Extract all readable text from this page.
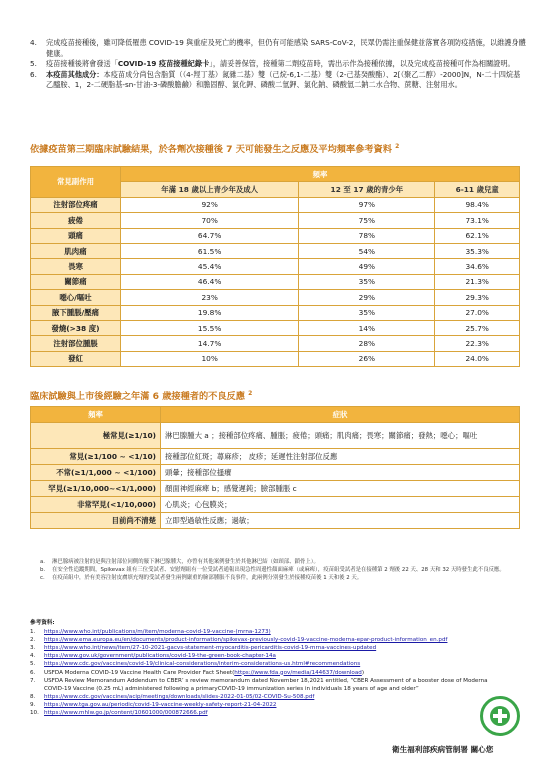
4.	完成疫苗接種後，雖可降低罹患 COVID-19 與重症及死亡的機率，但仍有可能感染 SARS-CoV-2，民眾仍需注重保健並落實各項防疫措施，以維護身體健康。
5.	疫苗接種後將會發送「COVID-19 疫苗接種紀錄卡」，請妥善保管，接種第二劑疫苗時，需出示作為接種依據，以及完成疫苗接種可作為相關證明。
6.	本疫苗其他成分：本疫苗成分尚包含脂質（（4-羥丁基）氮雜二基）雙（己烷-6,1-二基）雙（2-己基癸酸酯）、2[（聚乙二醇）-2000]N，N-二十四烷基乙醯胺、1，2-二硬脂基-sn-甘油-3-磷酸膽鹼）和膽固醇、氯化鉀、磷酸二氫鉀、氯化鈉、磷酸氫二鈉二水合物、蔗糖、注射用水。
依據疫苗第三期臨床試驗結果，於各劑次接種後 7 天可能發生之反應及平均頻率參考資料 $^2$
常見副作用	頻率		
	年滿 18 歲以上青少年及成人	12 至 17 歲的青少年	6-11 歲兒童
注射部位疼痛	92%	97%	98.4%
疲倦	70%	75%	73.1%
頭痛	64.7%	78%	62.1%
肌肉痛	61.5%	54%	35.3%
畏寒	45.4%	49%	34.6%
關節痛	46.4%	35%	21.3%
噁心/嘔吐	23%	29%	29.3%
腋下腫脹/壓痛	19.8%	35%	27.0%
發燒(>38 度)	15.5%	14%	25.7%
注射部位腫脹	14.7%	28%	22.3%
發紅	10%	26%	24.0%
臨床試驗與上市後經驗之年滿 6 歲接種者的不良反應 $^2$
頻率	症狀
極常見(≥1/10)	淋巴腺腫大 a ；接種部位疼痛、腫脹；疲倦；頭痛；肌肉痛；畏寒；關節痛；發熱；噁心；嘔吐
常見(≥1/100 ~ <1/10)	接種部位紅斑；蕁麻疹； 皮疹；延遲性注射部位反應
不常(≥1/1,000 ~ <1/100)	頭暈；接種部位搔癢
罕見(≥1/10,000~<1/1,000)	顏面神經麻痺 b；感覺遲鈍；臉部腫脹 c
非常罕見(<1/10,000)	心肌炎；心包膜炎；
目前尚不清楚	立即型過敏性反應；過敏；
a.	淋巴腺病被注射的是與注射部位同側的腋下淋巴腺腫大，亦曾有其他案例發生於其他淋巴結（如頸部、鎖骨上）。
b.	在安全性追蹤期間，Spikevax 組有三位受試者、安慰劑組有一位受試者通報出現急性周邊性顏面麻痺（或麻痺），疫苗組受試者是在接種第 2 劑後 22 天、28 天和 32 天時發生此不良反應。
c.	在疫苗組中，於有美容注射皮膚填充劑的受試者發生兩例嚴重的臉部腫脹不良事件，此兩例分別發生於接種疫苗後 1 天和後 2 天。
參考資料:
1.	https://www.who.int/publications/m/item/moderna-covid-19-vaccine-(mrna-1273)
2.	https://www.ema.europa.eu/en/documents/product-information/spikevax-previously-covid-19-vaccine-moderna-epar-product-information_en.pdf
3.	https://www.who.int/news/item/27-10-2021-gacvs-statement-myocarditis-pericarditis-covid-19-mrna-vaccines-updated
4.	https://www.gov.uk/government/publications/covid-19-the-green-book-chapter-14a
5.	https://www.cdc.gov/vaccines/covid-19/clinical-considerations/interim-considerations-us.html#recommendations
6.	USFDA Moderna COVID-19 Vaccine Health Care Provider Fact Sheet(https://www.fda.gov/media/144637/download)
7.	USFDA Review Memorandum Addendum to CBER’ s review memorandum dated November 18,2021 entitled, “CBER Assessment of a booster dose of Moderna COVID-19 Vaccine (0.25 mL) administered following a primaryCOVID-19 immunization series in individuals 18 years of age and older”
8.	https://www.cdc.gov/vaccines/acip/meetings/downloads/slides-2022-01-05/02-COVID-Su-508.pdf
9.	https://www.tga.gov.au/periodic/covid-19-vaccine-weekly-safety-report-21-04-2022
10. https://www.mhlw.go.jp/content/10601000/000872666.pdf
衛生福利部疾病管制署 關心您
